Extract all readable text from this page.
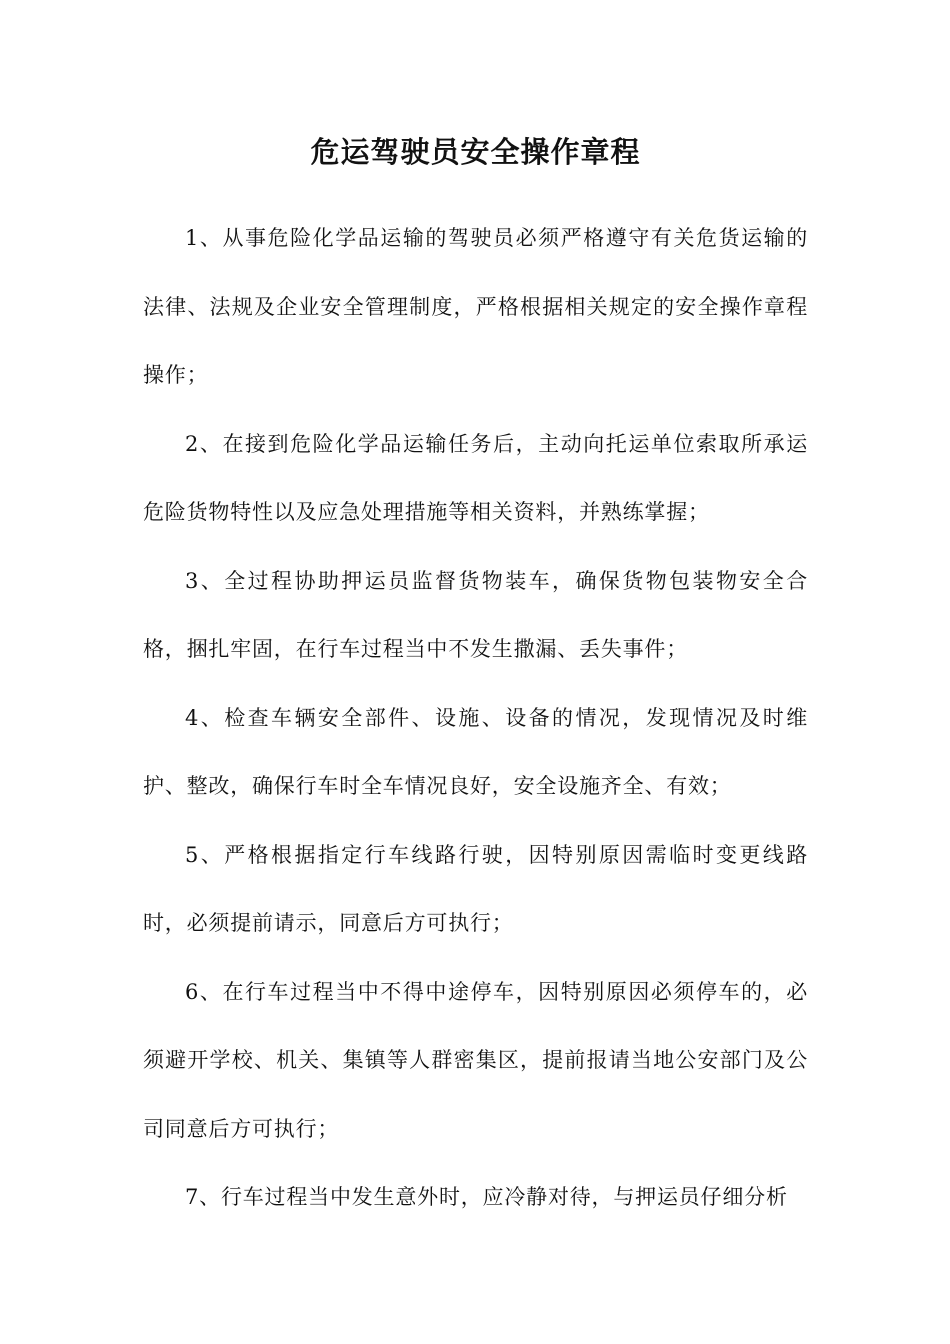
危运驾驶员安全操作章程

1、从事危险化学品运输的驾驶员必须严格遵守有关危货运输的法律、法规及企业安全管理制度，严格根据相关规定的安全操作章程操作；

2、在接到危险化学品运输任务后，主动向托运单位索取所承运危险货物特性以及应急处理措施等相关资料，并熟练掌握；

3、全过程协助押运员监督货物装车，确保货物包装物安全合格，捆扎牢固，在行车过程当中不发生撒漏、丢失事件；

4、检查车辆安全部件、设施、设备的情况，发现情况及时维护、整改，确保行车时全车情况良好，安全设施齐全、有效；

5、严格根据指定行车线路行驶，因特别原因需临时变更线路时，必须提前请示，同意后方可执行；

6、在行车过程当中不得中途停车，因特别原因必须停车的，必须避开学校、机关、集镇等人群密集区，提前报请当地公安部门及公司同意后方可执行；

7、行车过程当中发生意外时，应冷静对待，与押运员仔细分析
